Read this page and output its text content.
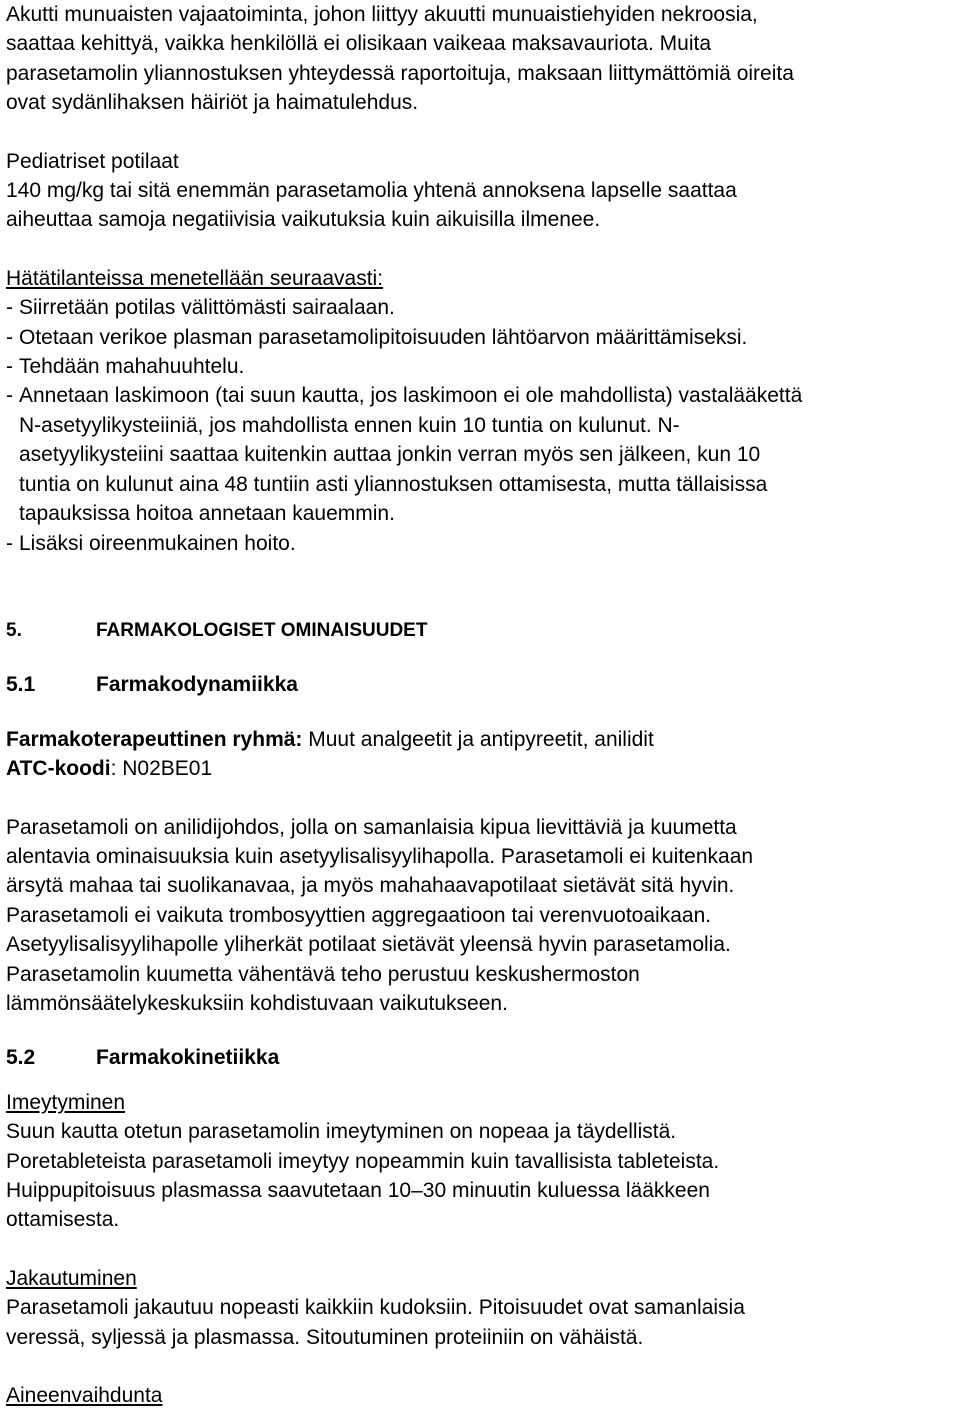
Akutti munuaisten vajaatoiminta, johon liittyy akuutti munuaistiehyiden nekroosia,
saattaa kehittyä, vaikka henkilöllä ei olisikaan vaikeaa maksavauriota. Muita
parasetamolin yliannostuksen yhteydessä raportoituja, maksaan liittymättömiä oireita
ovat sydänlihaksen häiriöt ja haimatulehdus.

Pediatriset potilaat
140 mg/kg tai sitä enemmän parasetamolia yhtenä annoksena lapselle saattaa
aiheuttaa samoja negatiivisia vaikutuksia kuin aikuisilla ilmenee.

Hätätilanteissa menetellään seuraavasti:
- Siirretään potilas välittömästi sairaalaan.
- Otetaan verikoe plasman parasetamolipitoisuuden lähtöarvon määrittämiseksi.
- Tehdään mahahuuhtelu.
- Annetaan laskimoon (tai suun kautta, jos laskimoon ei ole mahdollista) vastalääkettä
N-asetyylikysteiiniä, jos mahdollista ennen kuin 10 tuntia on kulunut. N-
asetyylikysteiini saattaa kuitenkin auttaa jonkin verran myös sen jälkeen, kun 10
tuntia on kulunut aina 48 tuntiin asti yliannostuksen ottamisesta, mutta tällaisissa
tapauksissa hoitoa annetaan kauemmin.
- Lisäksi oireenmukainen hoito.
5.	FARMAKOLOGISET OMINAISUUDET
5.1	Farmakodynamiikka

Farmakoterapeuttinen ryhmä: Muut analgeetit ja antipyreetit, anilidit
ATC-koodi: N02BE01

Parasetamoli on anilidijohdos, jolla on samanlaisia kipua lievittäviä ja kuumetta
alentavia ominaisuuksia kuin asetyylisalisyylihapolla. Parasetamoli ei kuitenkaan
ärsytä mahaa tai suolikanavaa, ja myös mahahaavapotilaat sietävät sitä hyvin.
Parasetamoli ei vaikuta trombosyyttien aggregaatioon tai verenvuotoaikaan.
Asetyylisalisyylihapolle yliherkät potilaat sietävät yleensä hyvin parasetamolia.
Parasetamolin kuumetta vähentävä teho perustuu keskushermoston
lämmönsäätelykeskuksiin kohdistuvaan vaikutukseen.

5.2	Farmakokinetiikka

Imeytyminen
Suun kautta otetun parasetamolin imeytyminen on nopeaa ja täydellistä.
Poretableteista parasetamoli imeytyy nopeammin kuin tavallisista tableteista.
Huippupitoisuus plasmassa saavutetaan 10–30 minuutin kuluessa lääkkeen
ottamisesta.

Jakautuminen
Parasetamoli jakautuu nopeasti kaikkiin kudoksiin. Pitoisuudet ovat samanlaisia
veressä, syljessä ja plasmassa. Sitoutuminen proteiiniin on vähäistä.

Aineenvaihdunta
